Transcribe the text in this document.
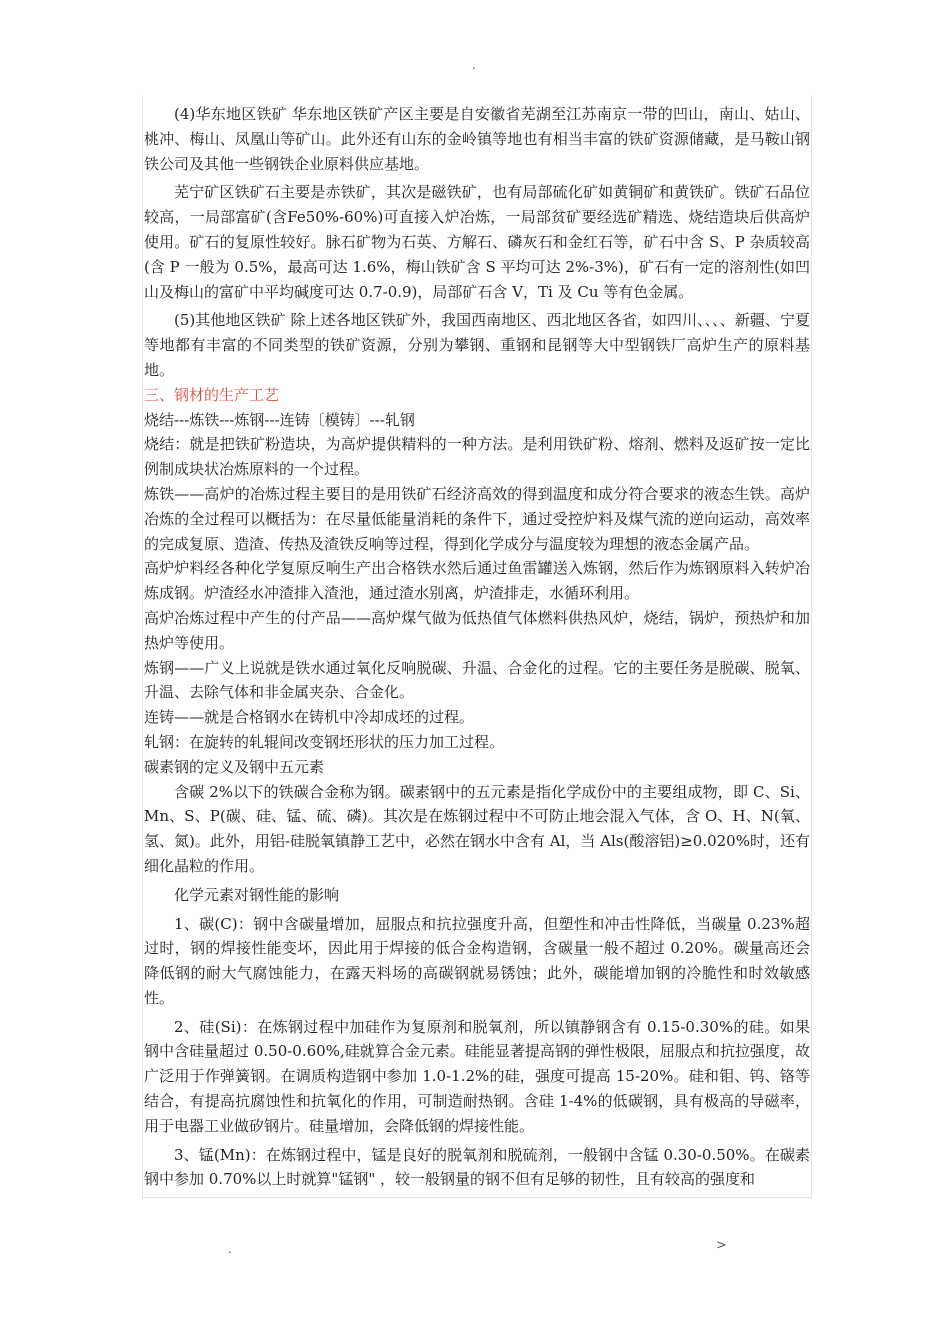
.

(4)华东地区铁矿 华东地区铁矿产区主要是自安徽省芜湖至江苏南京一带的凹山，南山、姑山、桃冲、梅山、凤凰山等矿山。此外还有山东的金岭镇等地也有相当丰富的铁矿资源储藏，是马鞍山钢铁公司及其他一些钢铁企业原料供应基地。

芜宁矿区铁矿石主要是赤铁矿，其次是磁铁矿，也有局部硫化矿如黄铜矿和黄铁矿。铁矿石品位较高，一局部富矿(含Fe50%-60%)可直接入炉冶炼，一局部贫矿要经选矿精选、烧结造块后供高炉使用。矿石的复原性较好。脉石矿物为石英、方解石、磷灰石和金红石等，矿石中含 S、P 杂质较高(含 P 一般为 0.5%，最高可达 1.6%，梅山铁矿含 S 平均可达 2%-3%)，矿石有一定的溶剂性(如凹山及梅山的富矿中平均碱度可达 0.7-0.9)，局部矿石含 V，Ti 及 Cu 等有色金属。

(5)其他地区铁矿 除上述各地区铁矿外，我国西南地区、西北地区各省，如四川、、、、新疆、宁夏等地都有丰富的不同类型的铁矿资源，分别为攀钢、重钢和昆钢等大中型钢铁厂高炉生产的原料基地。

三、钢材的生产工艺

烧结---炼铁---炼钢---连铸〔模铸〕---轧钢

烧结：就是把铁矿粉造块，为高炉提供精料的一种方法。是利用铁矿粉、熔剂、燃料及返矿按一定比例制成块状冶炼原料的一个过程。

炼铁——高炉的冶炼过程主要目的是用铁矿石经济高效的得到温度和成分符合要求的液态生铁。高炉冶炼的全过程可以概括为：在尽量低能量消耗的条件下，通过受控炉料及煤气流的逆向运动，高效率的完成复原、造渣、传热及渣铁反响等过程，得到化学成分与温度较为理想的液态金属产品。

高炉炉料经各种化学复原反响生产出合格铁水然后通过鱼雷罐送入炼钢，然后作为炼钢原料入转炉冶炼成钢。炉渣经水冲渣排入渣池，通过渣水别离，炉渣排走，水循环利用。

高炉冶炼过程中产生的付产品——高炉煤气做为低热值气体燃料供热风炉，烧结，锅炉，预热炉和加热炉等使用。

炼钢——广义上说就是铁水通过氧化反响脱碳、升温、合金化的过程。它的主要任务是脱碳、脱氧、升温、去除气体和非金属夹杂、合金化。

连铸——就是合格钢水在铸机中冷却成坯的过程。

轧钢：在旋转的轧辊间改变钢坯形状的压力加工过程。

碳素钢的定义及钢中五元素

含碳 2%以下的铁碳合金称为钢。碳素钢中的五元素是指化学成份中的主要组成物，即 C、Si、Mn、S、P(碳、硅、锰、硫、磷)。其次是在炼钢过程中不可防止地会混入气体，含 O、H、N(氧、氢、氮)。此外，用铝-硅脱氧镇静工艺中，必然在钢水中含有 Al，当 Als(酸溶铝)≥0.020%时，还有细化晶粒的作用。

化学元素对钢性能的影响

1、碳(C)：钢中含碳量增加，屈服点和抗拉强度升高，但塑性和冲击性降低，当碳量 0.23%超过时，钢的焊接性能变坏，因此用于焊接的低合金构造钢，含碳量一般不超过 0.20%。碳量高还会降低钢的耐大气腐蚀能力，在露天料场的高碳钢就易锈蚀；此外，碳能增加钢的冷脆性和时效敏感性。

2、硅(Si)：在炼钢过程中加硅作为复原剂和脱氧剂，所以镇静钢含有 0.15-0.30%的硅。如果钢中含硅量超过 0.50-0.60%,硅就算合金元素。硅能显著提高钢的弹性极限，屈服点和抗拉强度，故广泛用于作弹簧钢。在调质构造钢中参加 1.0-1.2%的硅，强度可提高 15-20%。硅和钼、钨、铬等结合，有提高抗腐蚀性和抗氧化的作用，可制造耐热钢。含硅 1-4%的低碳钢，具有极高的导磁率，用于电器工业做矽钢片。硅量增加，会降低钢的焊接性能。

3、锰(Mn)：在炼钢过程中，锰是良好的脱氧剂和脱硫剂，一般钢中含锰 0.30-0.50%。在碳素钢中参加 0.70%以上时就算"锰钢" ，较一般钢量的钢不但有足够的韧性，且有较高的强度和

.	>
